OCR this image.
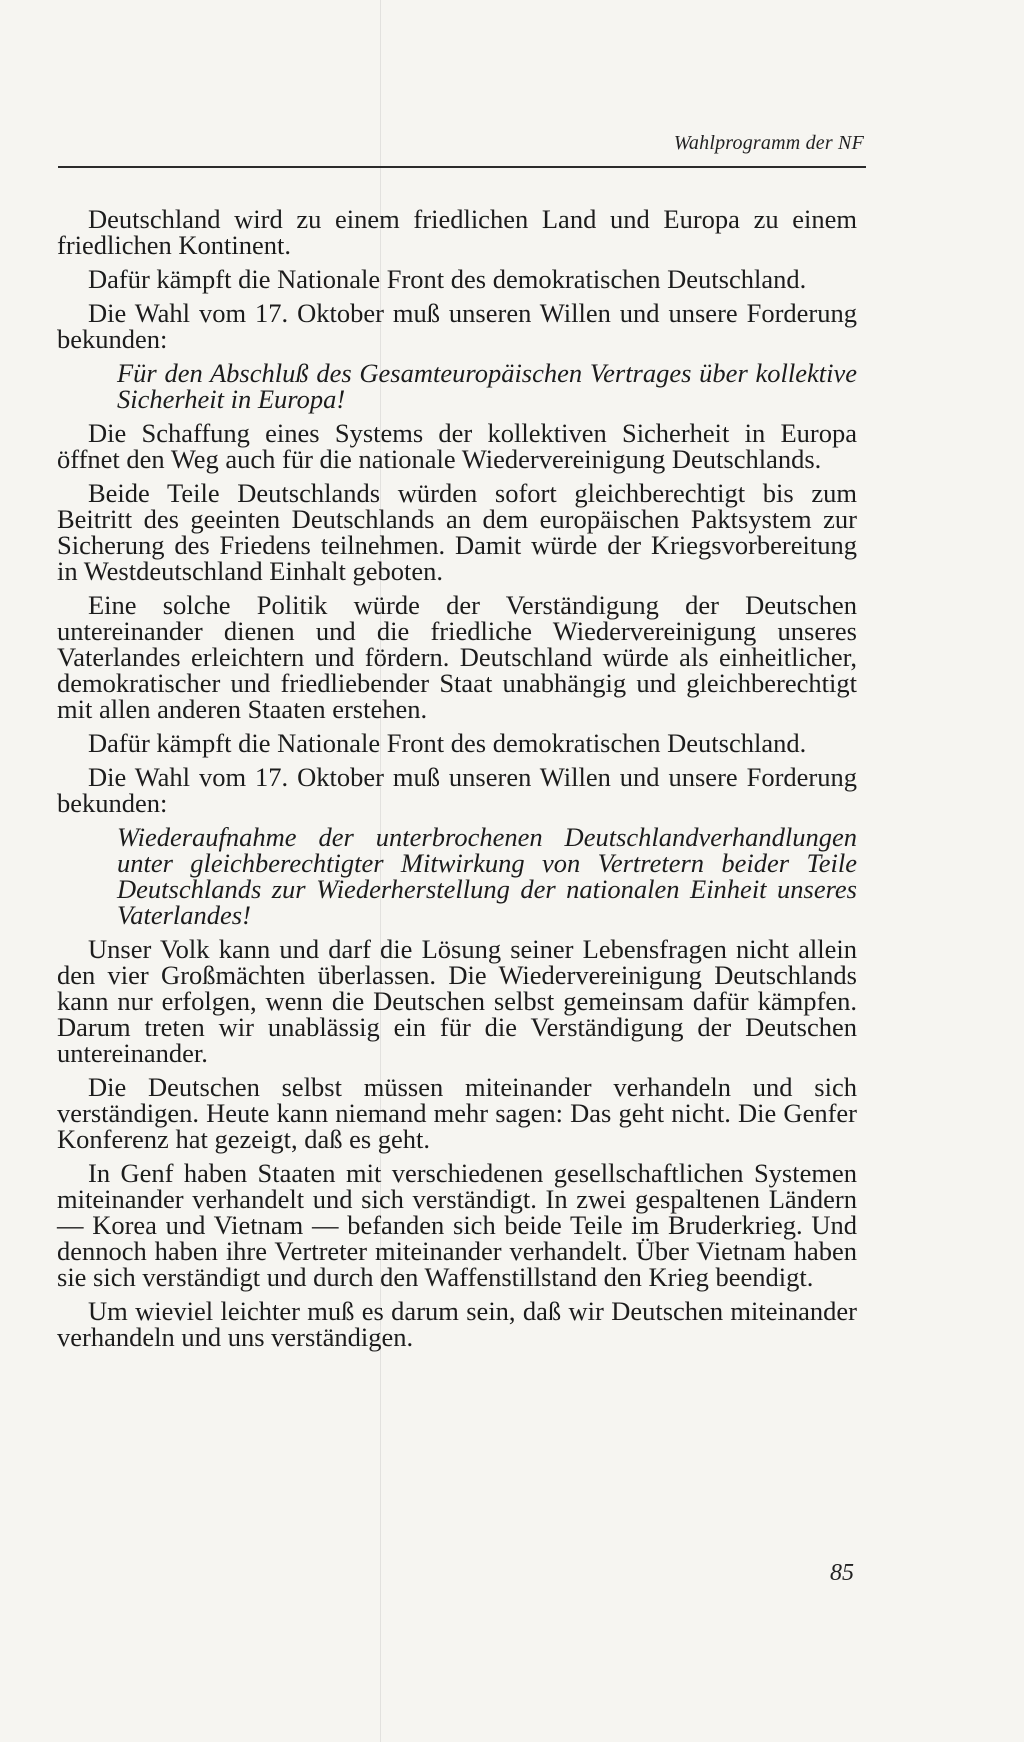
Wahlprogramm der NF

Deutschland wird zu einem friedlichen Land und Europa zu einem friedlichen Kontinent.

Dafür kämpft die Nationale Front des demokratischen Deutschland.

Die Wahl vom 17. Oktober muß unseren Willen und unsere Forderung bekunden:

Für den Abschluß des Gesamteuropäischen Vertrages über kollektive Sicherheit in Europa!

Die Schaffung eines Systems der kollektiven Sicherheit in Europa öffnet den Weg auch für die nationale Wiedervereinigung Deutschlands.

Beide Teile Deutschlands würden sofort gleichberechtigt bis zum Beitritt des geeinten Deutschlands an dem europäischen Paktsystem zur Sicherung des Friedens teilnehmen. Damit würde der Kriegsvorbereitung in Westdeutschland Einhalt geboten.

Eine solche Politik würde der Verständigung der Deutschen untereinander dienen und die friedliche Wiedervereinigung unseres Vaterlandes erleichtern und fördern. Deutschland würde als einheitlicher, demokratischer und friedliebender Staat unabhängig und gleichberechtigt mit allen anderen Staaten erstehen.

Dafür kämpft die Nationale Front des demokratischen Deutschland.

Die Wahl vom 17. Oktober muß unseren Willen und unsere Forderung bekunden:

Wiederaufnahme der unterbrochenen Deutschlandverhandlungen unter gleichberechtigter Mitwirkung von Vertretern beider Teile Deutschlands zur Wiederherstellung der nationalen Einheit unseres Vaterlandes!

Unser Volk kann und darf die Lösung seiner Lebensfragen nicht allein den vier Großmächten überlassen. Die Wiedervereinigung Deutschlands kann nur erfolgen, wenn die Deutschen selbst gemeinsam dafür kämpfen. Darum treten wir unablässig ein für die Verständigung der Deutschen untereinander.

Die Deutschen selbst müssen miteinander verhandeln und sich verständigen. Heute kann niemand mehr sagen: Das geht nicht. Die Genfer Konferenz hat gezeigt, daß es geht.

In Genf haben Staaten mit verschiedenen gesellschaftlichen Systemen miteinander verhandelt und sich verständigt. In zwei gespaltenen Ländern — Korea und Vietnam — befanden sich beide Teile im Bruderkrieg. Und dennoch haben ihre Vertreter miteinander verhandelt. Über Vietnam haben sie sich verständigt und durch den Waffenstillstand den Krieg beendigt.

Um wieviel leichter muß es darum sein, daß wir Deutschen miteinander verhandeln und uns verständigen.

85
